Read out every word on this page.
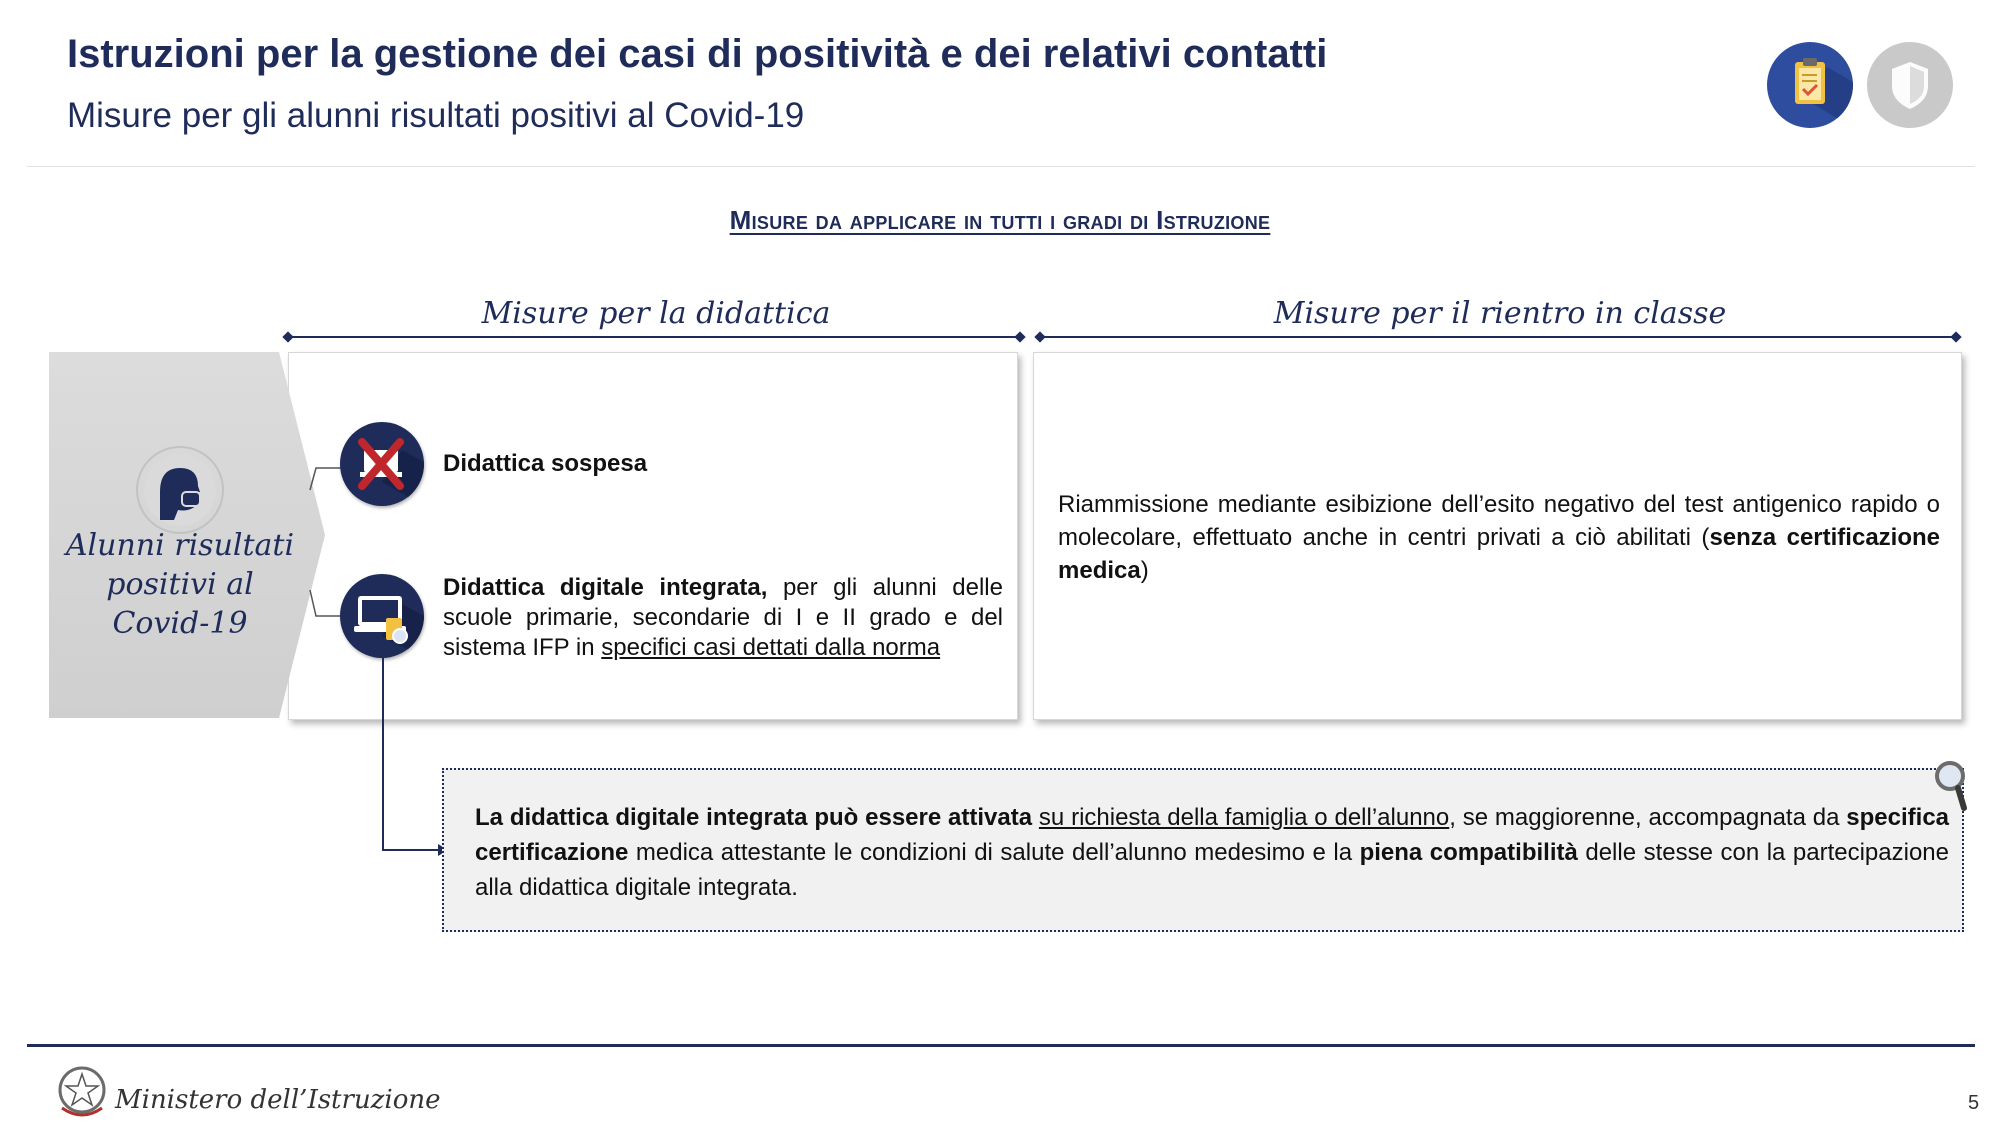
Istruzioni per la gestione dei casi di positività e dei relativi contatti
Misure per gli alunni risultati positivi al Covid-19
Misure da applicare in tutti i gradi di Istruzione
Misure per la didattica	Misure per il rientro in classe
Alunni risultati positivi al Covid-19
Didattica sospesa
Didattica digitale integrata, per gli alunni delle scuole primarie, secondarie di I e II grado e del sistema IFP in specifici casi dettati dalla norma
Riammissione mediante esibizione dell’esito negativo del test antigenico rapido o molecolare, effettuato anche in centri privati a ciò abilitati (senza certificazione medica)
La didattica digitale integrata può essere attivata su richiesta della famiglia o dell’alunno, se maggiorenne, accompagnata da specifica certificazione medica attestante le condizioni di salute dell’alunno medesimo e la piena compatibilità delle stesse con la partecipazione alla didattica digitale integrata.
Ministero dell’Istruzione	5
